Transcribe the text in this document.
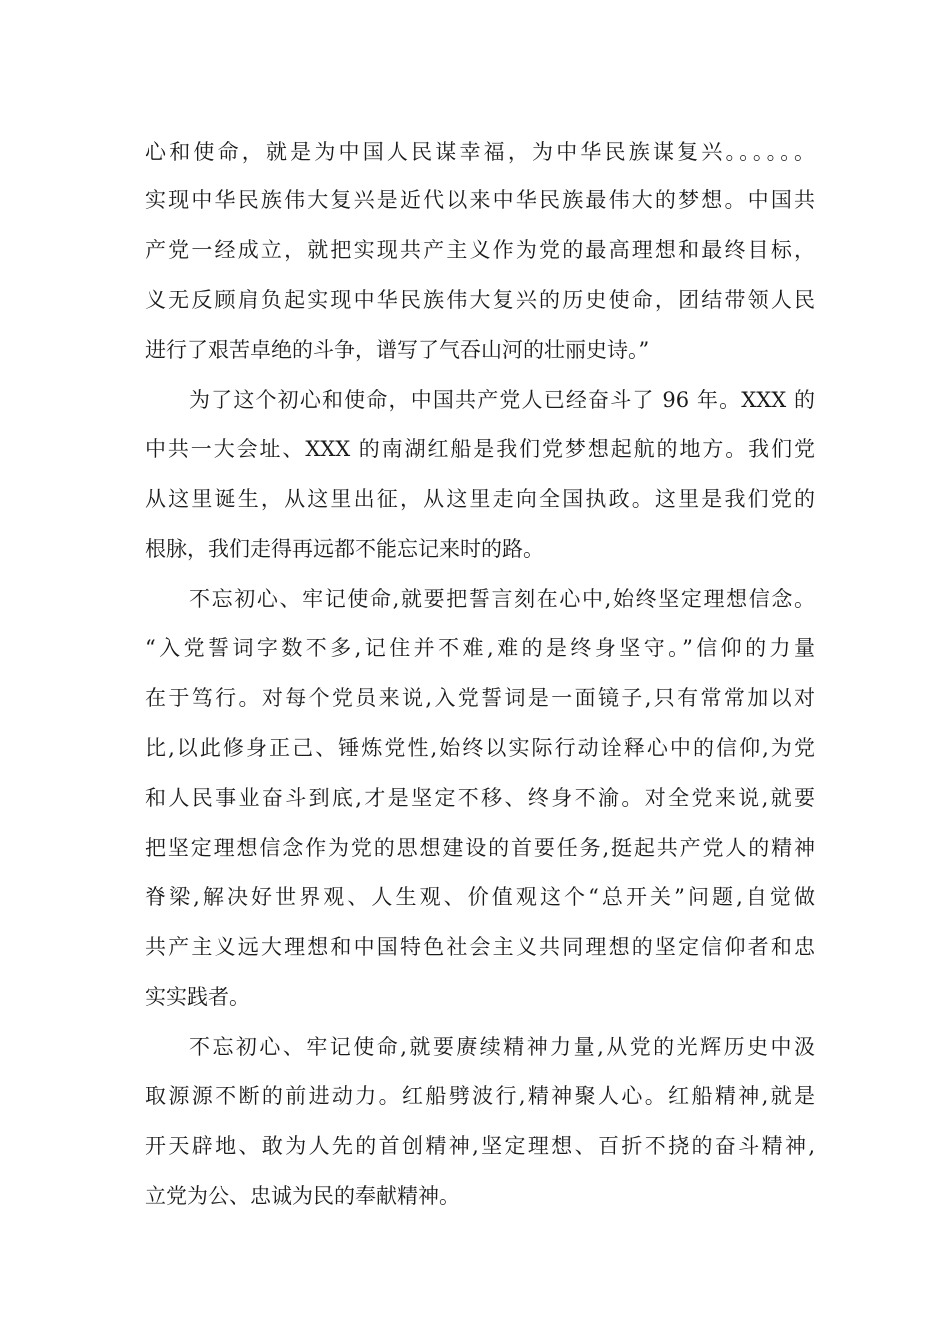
心和使命，就是为中国人民谋幸福，为中华民族谋复兴。。。。。。
实现中华民族伟大复兴是近代以来中华民族最伟大的梦想。中国共
产党一经成立，就把实现共产主义作为党的最高理想和最终目标，
义无反顾肩负起实现中华民族伟大复兴的历史使命，团结带领人民
进行了艰苦卓绝的斗争，谱写了气吞山河的壮丽史诗。”
为了这个初心和使命，中国共产党人已经奋斗了 96 年。XXX 的
中共一大会址、XXX 的南湖红船是我们党梦想起航的地方。我们党
从这里诞生，从这里出征，从这里走向全国执政。这里是我们党的
根脉，我们走得再远都不能忘记来时的路。
不忘初心、牢记使命,就要把誓言刻在心中,始终坚定理想信念。
“入党誓词字数不多,记住并不难,难的是终身坚守。”信仰的力量
在于笃行。对每个党员来说,入党誓词是一面镜子,只有常常加以对
比,以此修身正己、锤炼党性,始终以实际行动诠释心中的信仰,为党
和人民事业奋斗到底,才是坚定不移、终身不渝。对全党来说,就要
把坚定理想信念作为党的思想建设的首要任务,挺起共产党人的精神
脊梁,解决好世界观、人生观、价值观这个“总开关”问题,自觉做
共产主义远大理想和中国特色社会主义共同理想的坚定信仰者和忠
实实践者。
不忘初心、牢记使命,就要赓续精神力量,从党的光辉历史中汲
取源源不断的前进动力。红船劈波行,精神聚人心。红船精神,就是
开天辟地、敢为人先的首创精神,坚定理想、百折不挠的奋斗精神,
立党为公、忠诚为民的奉献精神。
